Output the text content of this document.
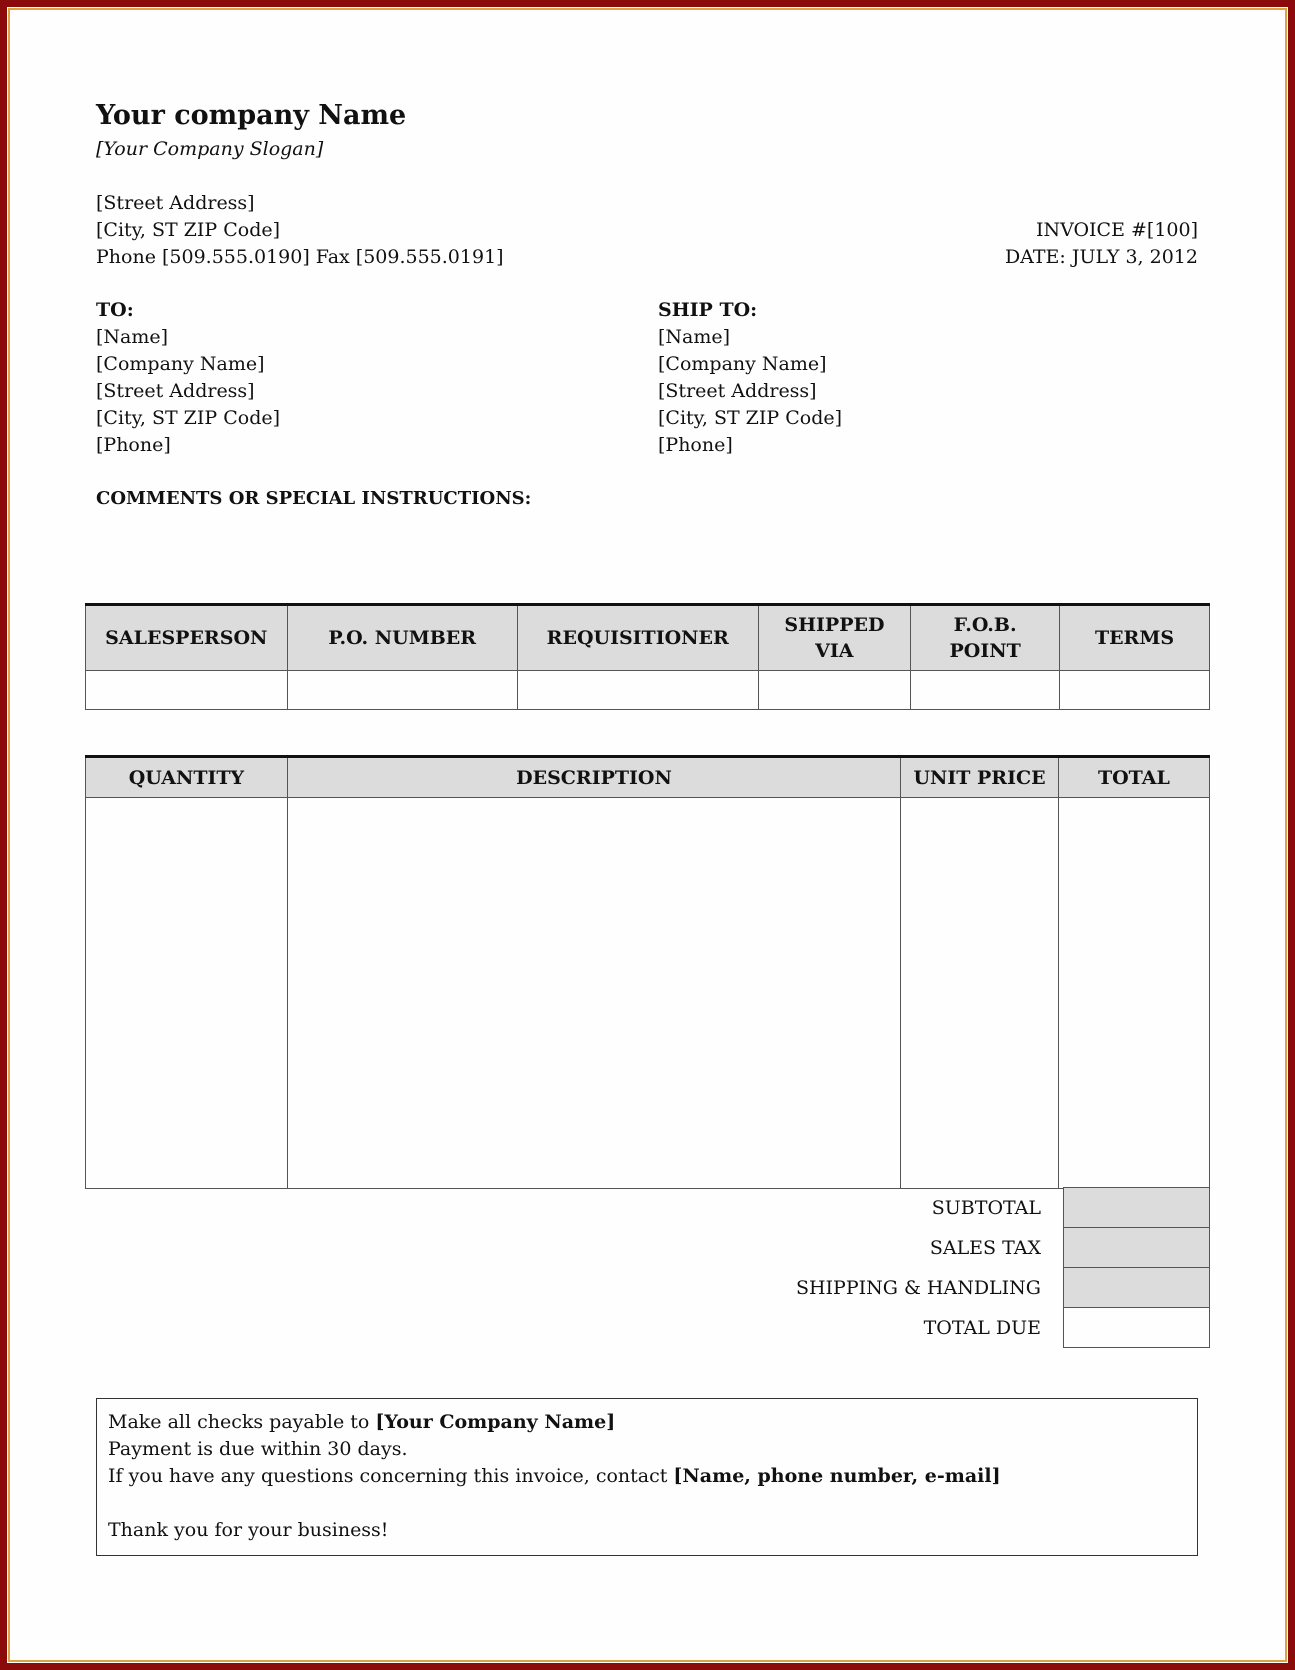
Your company Name
[Your Company Slogan]
[Street Address]
[City, ST ZIP Code]
Phone [509.555.0190] Fax [509.555.0191]
INVOICE #[100]
DATE: JULY 3, 2012
TO:
[Name]
[Company Name]
[Street Address]
[City, ST ZIP Code]
[Phone]
SHIP TO:
[Name]
[Company Name]
[Street Address]
[City, ST ZIP Code]
[Phone]
COMMENTS OR SPECIAL INSTRUCTIONS:
SALESPERSON	P.O. NUMBER	REQUISITIONER	SHIPPED VIA	F.O.B. POINT	TERMS

QUANTITY	DESCRIPTION	UNIT PRICE	TOTAL

SUBTOTAL
SALES TAX
SHIPPING & HANDLING
TOTAL DUE
Make all checks payable to [Your Company Name]
Payment is due within 30 days.
If you have any questions concerning this invoice, contact [Name, phone number, e-mail]
Thank you for your business!
